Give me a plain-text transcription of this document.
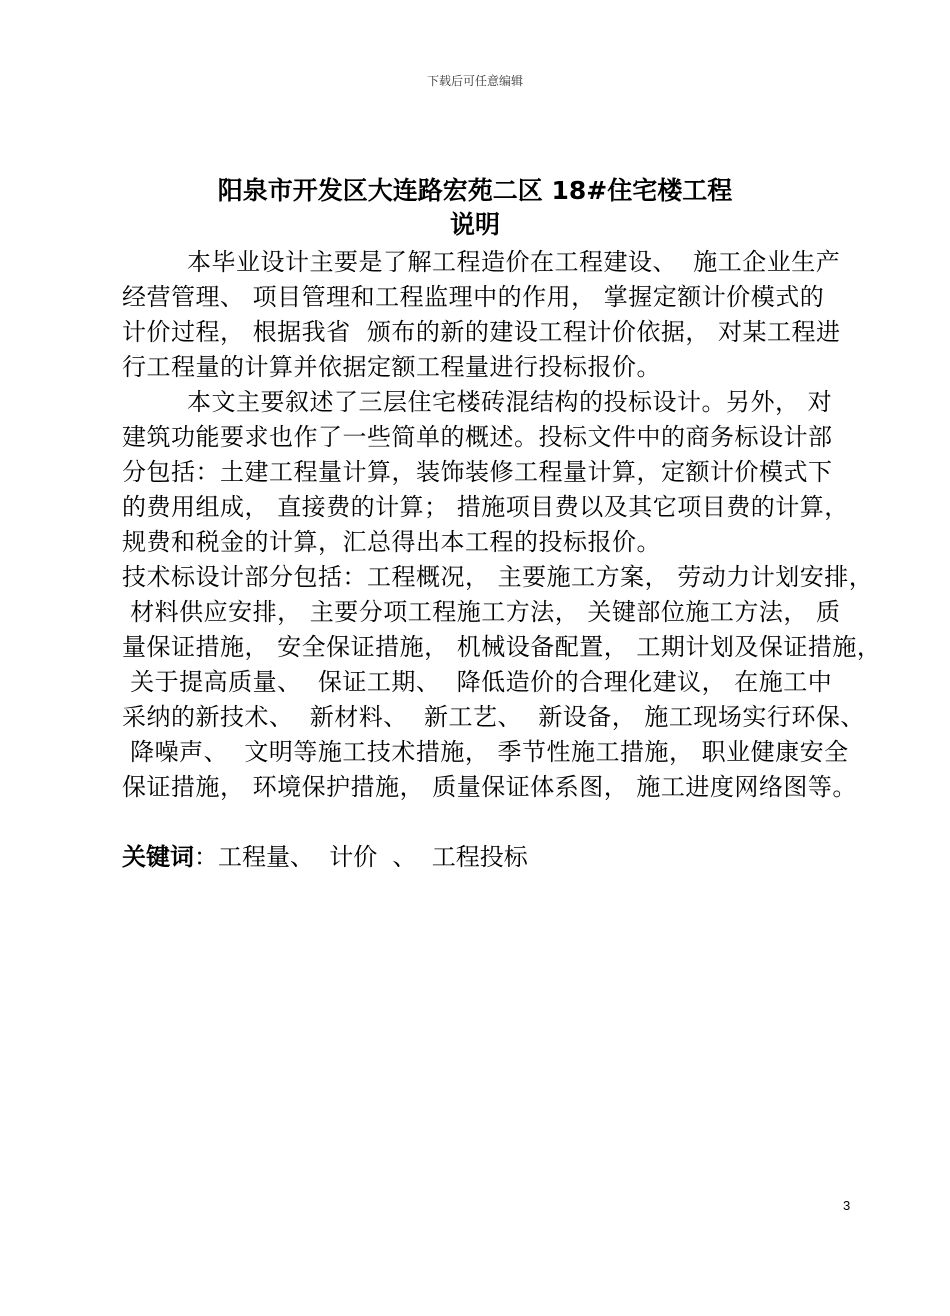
下载后可任意编辑
阳泉市开发区大连路宏苑二区 18#住宅楼工程
说明
本毕业设计主要是了解工程造价在工程建设、  施工企业生产
经营管理、 项目管理和工程监理中的作用， 掌握定额计价模式的
计价过程， 根据我省  颁布的新的建设工程计价依据， 对某工程进
行工程量的计算并依据定额工程量进行投标报价。
本文主要叙述了三层住宅楼砖混结构的投标设计。另外， 对
建筑功能要求也作了一些简单的概述。投标文件中的商务标设计部
分包括：土建工程量计算，装饰装修工程量计算，定额计价模式下
的费用组成， 直接费的计算； 措施项目费以及其它项目费的计算，
规费和税金的计算，汇总得出本工程的投标报价。
技术标设计部分包括：工程概况， 主要施工方案， 劳动力计划安排，
材料供应安排， 主要分项工程施工方法， 关键部位施工方法， 质
量保证措施， 安全保证措施， 机械设备配置， 工期计划及保证措施，
关于提高质量、  保证工期、  降低造价的合理化建议， 在施工中
采纳的新技术、  新材料、  新工艺、  新设备， 施工现场实行环保、
降噪声、  文明等施工技术措施， 季节性施工措施， 职业健康安全
保证措施， 环境保护措施， 质量保证体系图， 施工进度网络图等。
关键词：工程量、  计价  、  工程投标
3
